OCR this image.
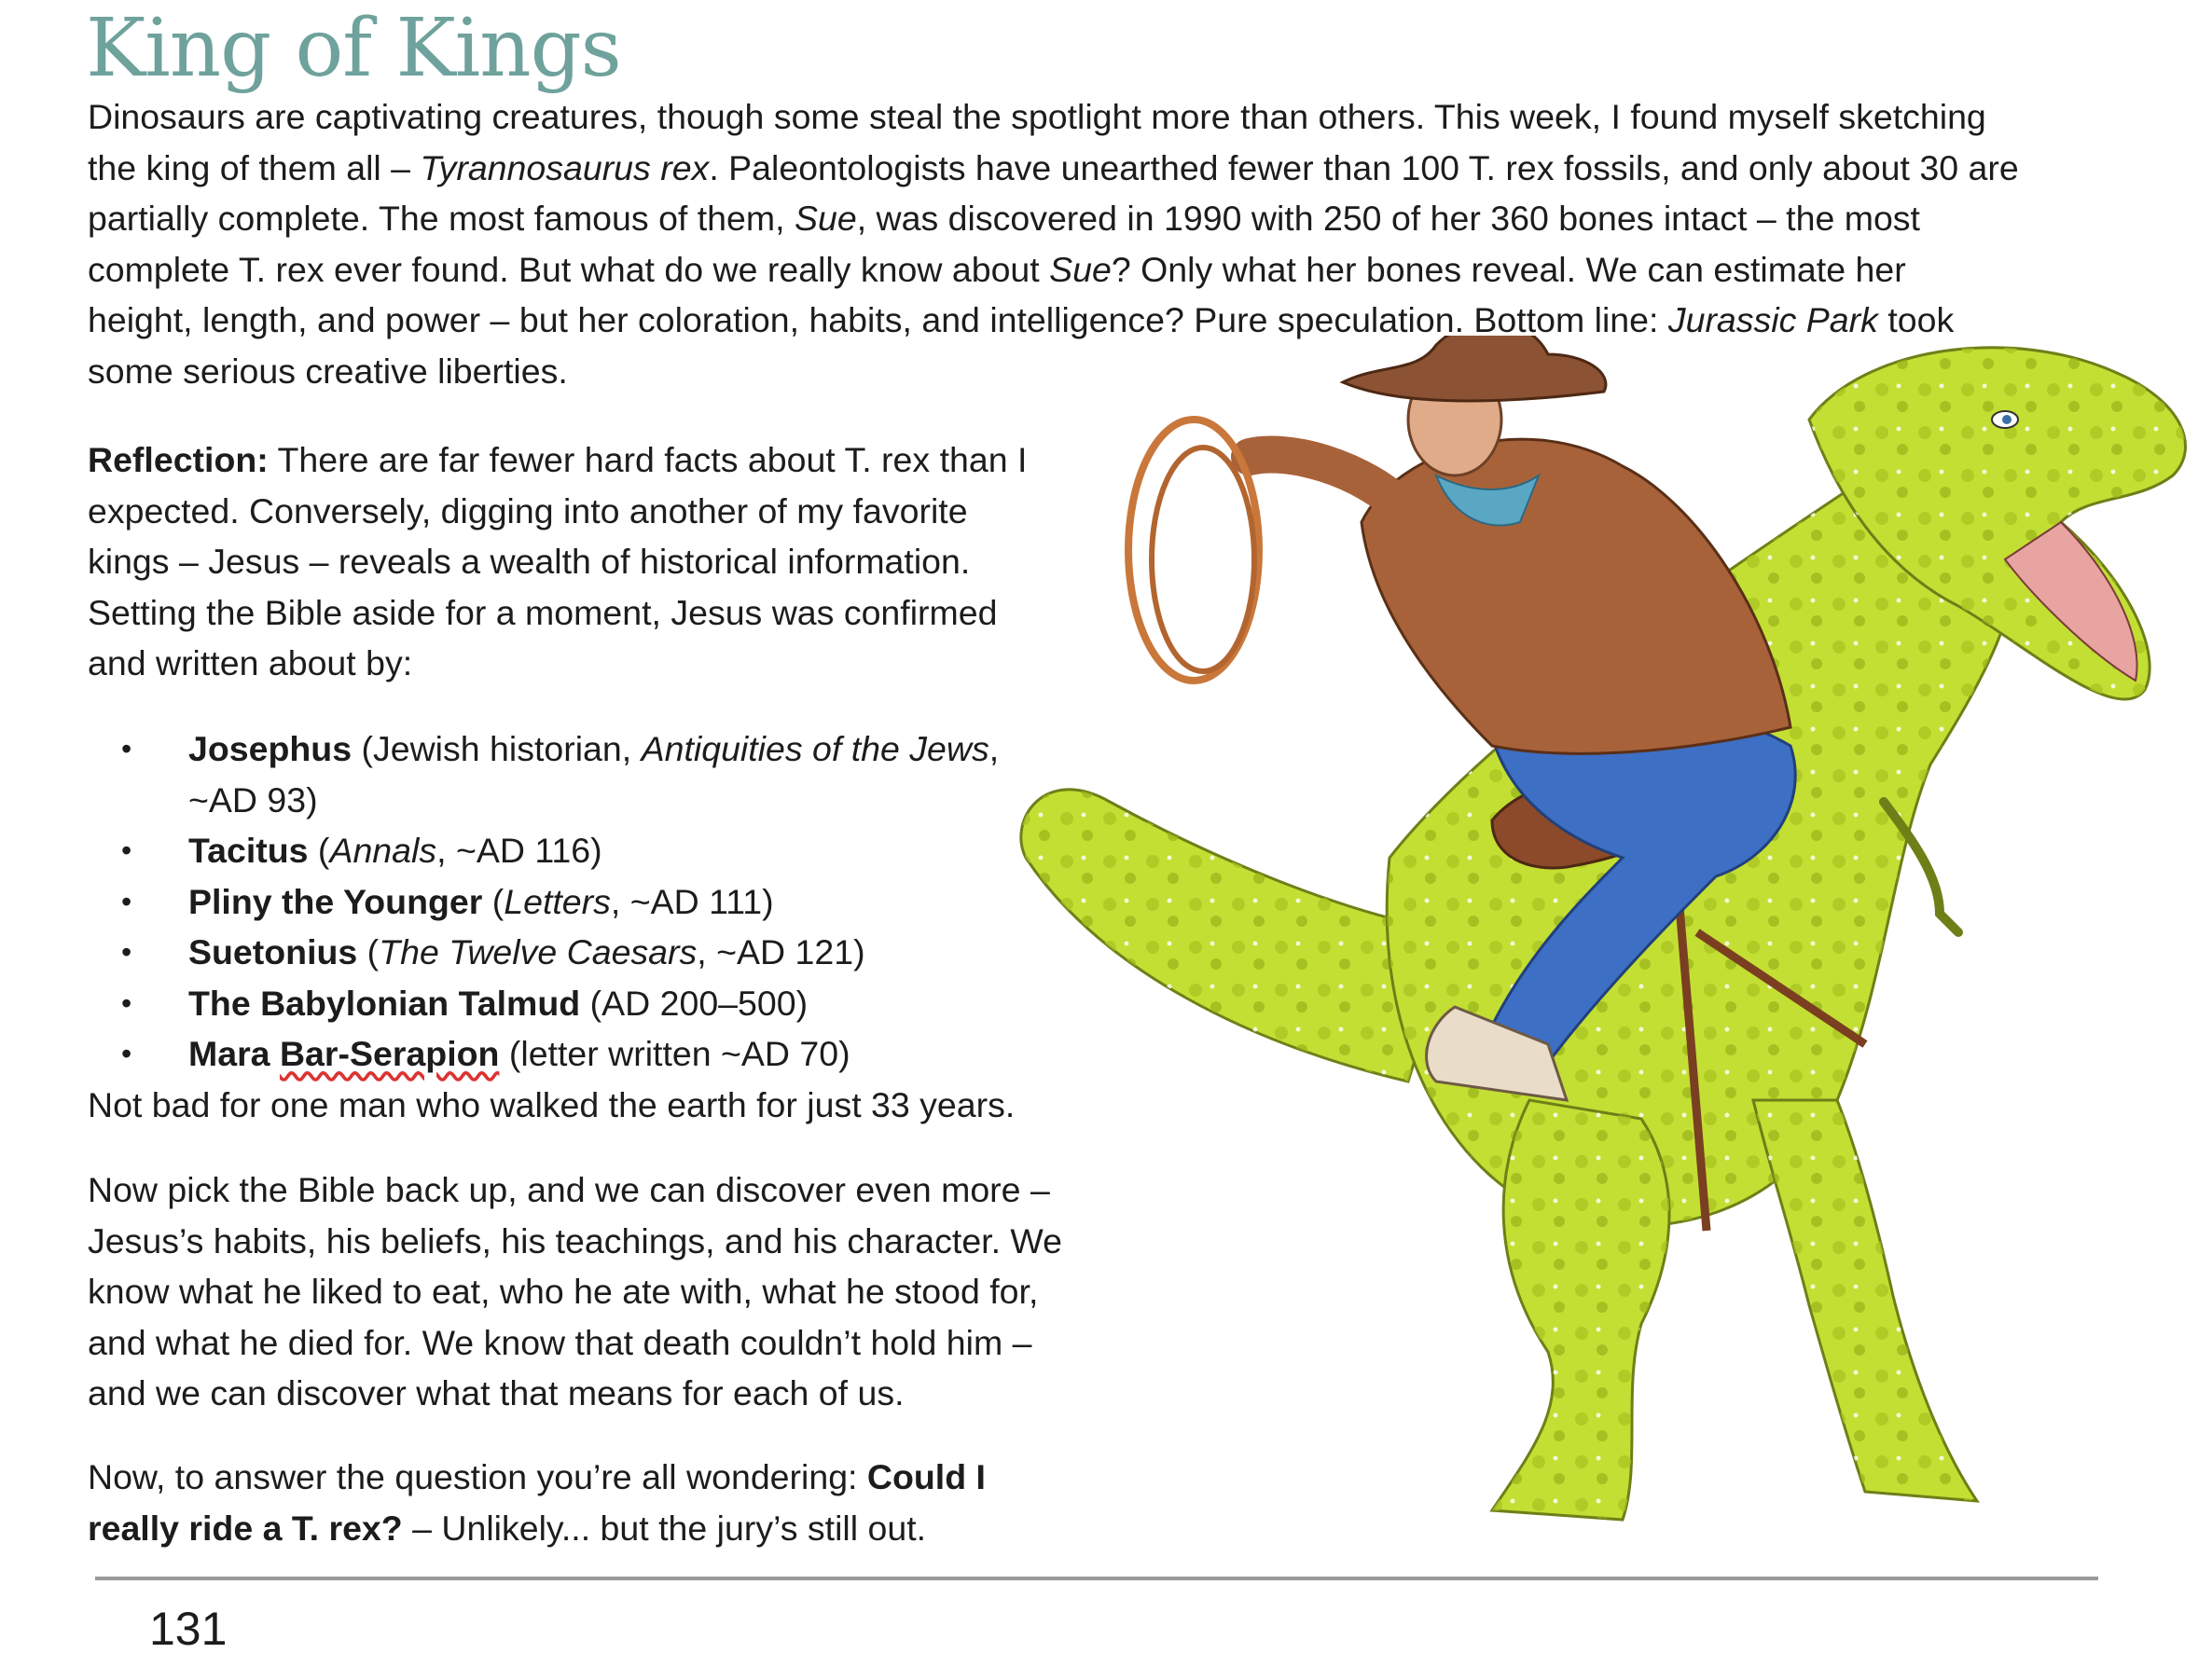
King of Kings

Dinosaurs are captivating creatures, though some steal the spotlight more than others. This week, I found myself sketching
the king of them all – Tyrannosaurus rex. Paleontologists have unearthed fewer than 100 T. rex fossils, and only about 30 are
partially complete. The most famous of them, Sue, was discovered in 1990 with 250 of her 360 bones intact – the most
complete T. rex ever found. But what do we really know about Sue? Only what her bones reveal. We can estimate her
height, length, and power – but her coloration, habits, and intelligence? Pure speculation. Bottom line: Jurassic Park took
some serious creative liberties.

Reflection: There are far fewer hard facts about T. rex than I
expected. Conversely, digging into another of my favorite
kings – Jesus – reveals a wealth of historical information.
Setting the Bible aside for a moment, Jesus was confirmed
and written about by:

• Josephus (Jewish historian, Antiquities of the Jews,
~AD 93)
• Tacitus (Annals, ~AD 116)
• Pliny the Younger (Letters, ~AD 111)
• Suetonius (The Twelve Caesars, ~AD 121)
• The Babylonian Talmud (AD 200–500)
• Mara Bar-Serapion (letter written ~AD 70)

Not bad for one man who walked the earth for just 33 years.

Now pick the Bible back up, and we can discover even more –
Jesus’s habits, his beliefs, his teachings, and his character. We
know what he liked to eat, who he ate with, what he stood for,
and what he died for. We know that death couldn’t hold him –
and we can discover what that means for each of us.

Now, to answer the question you’re all wondering: Could I
really ride a T. rex? – Unlikely... but the jury’s still out.

131
